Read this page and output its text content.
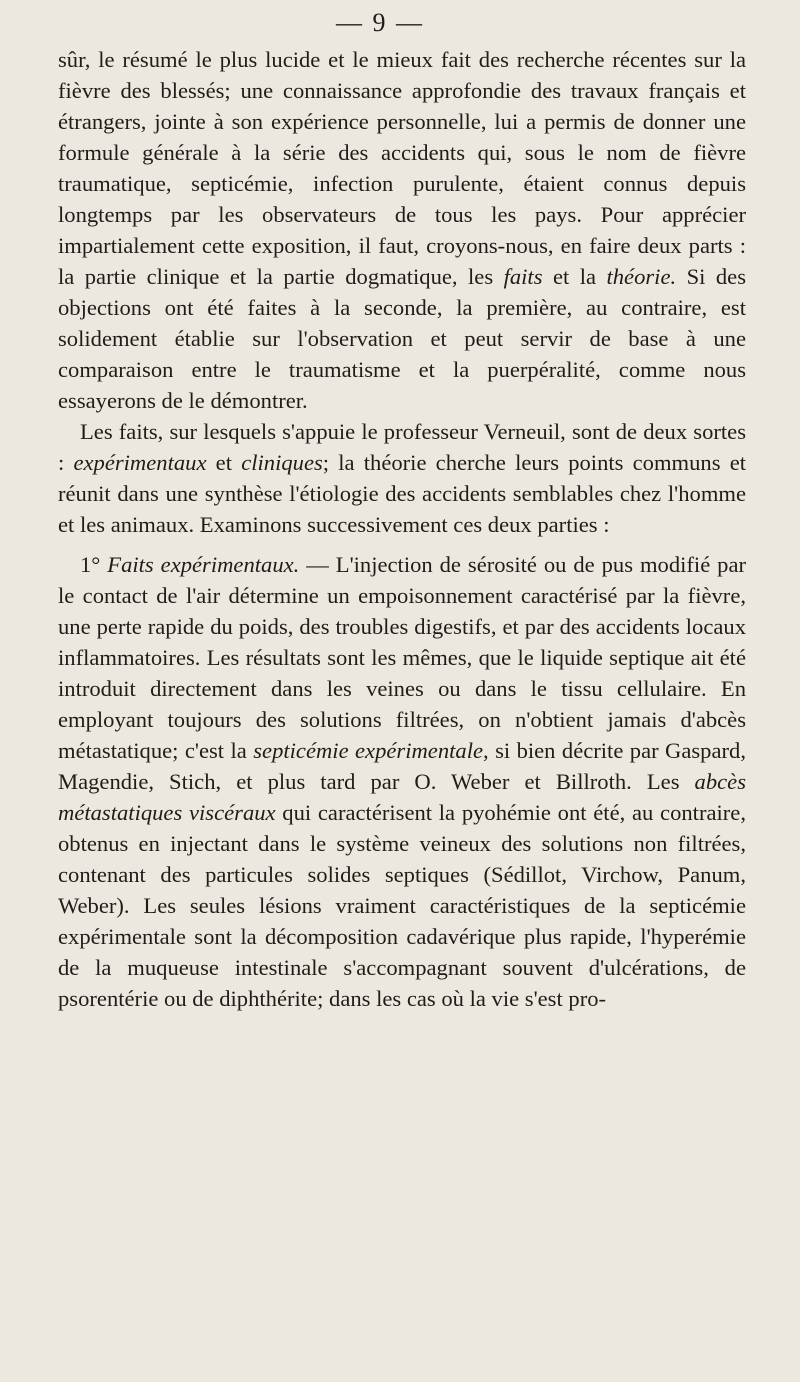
— 9 —

sûr, le résumé le plus lucide et le mieux fait des recherche récentes sur la fièvre des blessés; une connaissance approfondie des travaux français et étrangers, jointe à son expérience personnelle, lui a permis de donner une formule générale à la série des accidents qui, sous le nom de fièvre traumatique, septicémie, infection purulente, étaient connus depuis longtemps par les observateurs de tous les pays. Pour apprécier impartialement cette exposition, il faut, croyons-nous, en faire deux parts : la partie clinique et la partie dogmatique, les faits et la théorie. Si des objections ont été faites à la seconde, la première, au contraire, est solidement établie sur l'observation et peut servir de base à une comparaison entre le traumatisme et la puerpéralité, comme nous essayerons de le démontrer.

Les faits, sur lesquels s'appuie le professeur Verneuil, sont de deux sortes : expérimentaux et cliniques; la théorie cherche leurs points communs et réunit dans une synthèse l'étiologie des accidents semblables chez l'homme et les animaux. Examinons successivement ces deux parties :

1° Faits expérimentaux. — L'injection de sérosité ou de pus modifié par le contact de l'air détermine un empoisonnement caractérisé par la fièvre, une perte rapide du poids, des troubles digestifs, et par des accidents locaux inflammatoires. Les résultats sont les mêmes, que le liquide septique ait été introduit directement dans les veines ou dans le tissu cellulaire. En employant toujours des solutions filtrées, on n'obtient jamais d'abcès métastatique; c'est la septicémie expérimentale, si bien décrite par Gaspard, Magendie, Stich, et plus tard par O. Weber et Billroth. Les abcès métastatiques viscéraux qui caractérisent la pyohémie ont été, au contraire, obtenus en injectant dans le système veineux des solutions non filtrées, contenant des particules solides septiques (Sédillot, Virchow, Panum, Weber). Les seules lésions vraiment caractéristiques de la septicémie expérimentale sont la décomposition cadavérique plus rapide, l'hyperémie de la muqueuse intestinale s'accompagnant souvent d'ulcérations, de psorentérie ou de diphthérite; dans les cas où la vie s'est pro-
